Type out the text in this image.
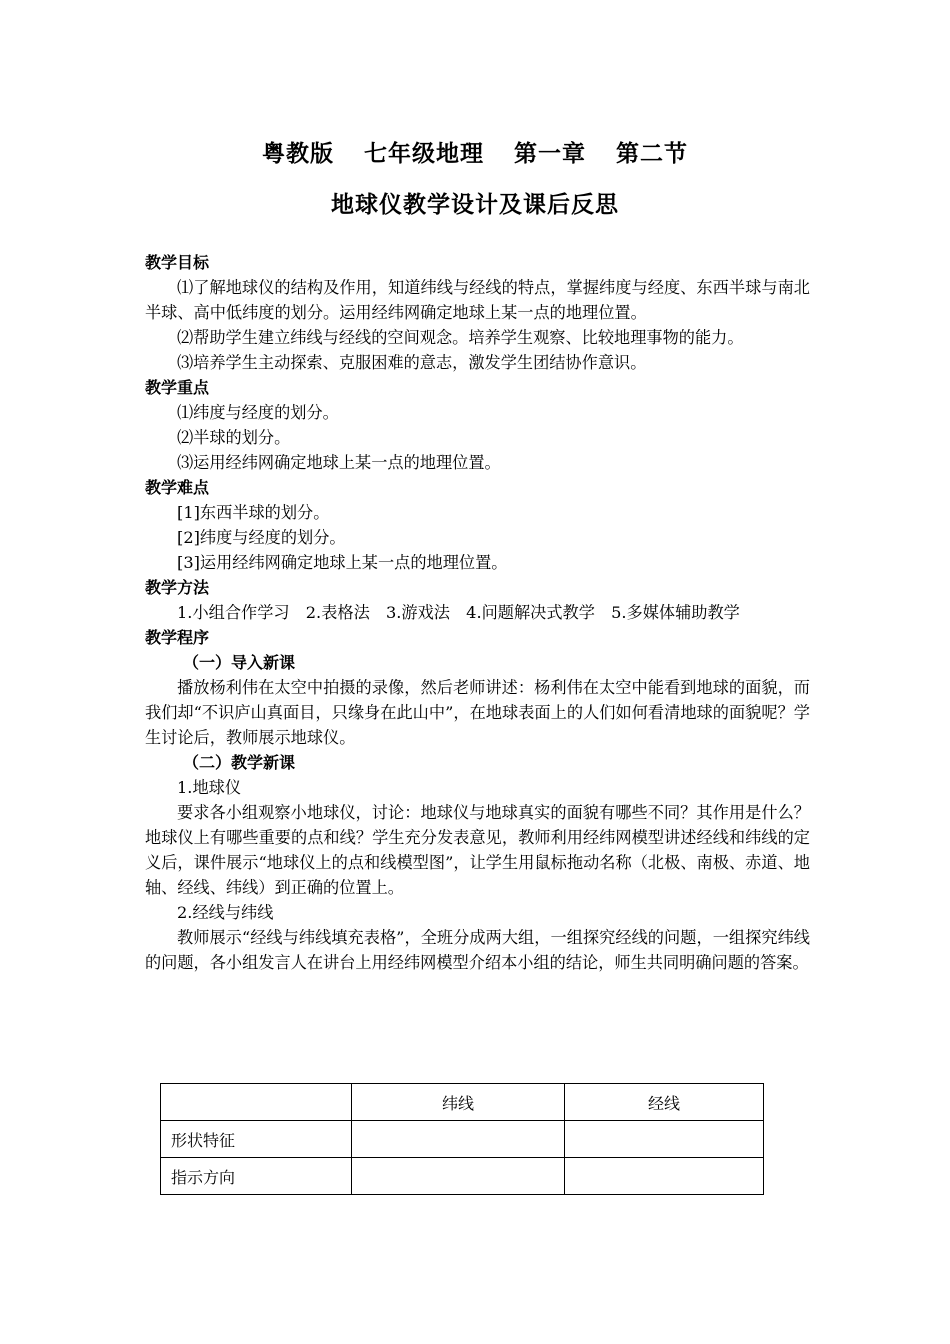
粤教版 七年级地理 第一章 第二节
地球仪教学设计及课后反思
教学目标

⑴了解地球仪的结构及作用，知道纬线与经线的特点，掌握纬度与经度、东西半球与南北半球、高中低纬度的划分。运用经纬网确定地球上某一点的地理位置。

⑵帮助学生建立纬线与经线的空间观念。培养学生观察、比较地理事物的能力。

⑶培养学生主动探索、克服困难的意志，激发学生团结协作意识。

教学重点
⑴纬度与经度的划分。
⑵半球的划分。
⑶运用经纬网确定地球上某一点的地理位置。
教学难点
[1]东西半球的划分。
[2]纬度与经度的划分。
[3]运用经纬网确定地球上某一点的地理位置。
教学方法

1.小组合作学习　2.表格法　3.游戏法　4.问题解决式教学　5.多媒体辅助教学

教学程序
（一）导入新课

播放杨利伟在太空中拍摄的录像，然后老师讲述：杨利伟在太空中能看到地球的面貌，而我们却“不识庐山真面目，只缘身在此山中”，在地球表面上的人们如何看清地球的面貌呢？学生讨论后，教师展示地球仪。

（二）教学新课
1.地球仪

要求各小组观察小地球仪，讨论：地球仪与地球真实的面貌有哪些不同？其作用是什么？地球仪上有哪些重要的点和线？学生充分发表意见，教师利用经纬网模型讲述经线和纬线的定义后，课件展示“地球仪上的点和线模型图”，让学生用鼠标拖动名称（北极、南极、赤道、地轴、经线、纬线）到正确的位置上。

2.经线与纬线

教师展示“经线与纬线填充表格”，全班分成两大组，一组探究经线的问题，一组探究纬线的问题，各小组发言人在讲台上用经纬网模型介绍本小组的结论，师生共同明确问题的答案。

	纬线	经线
形状特征		
指示方向		
